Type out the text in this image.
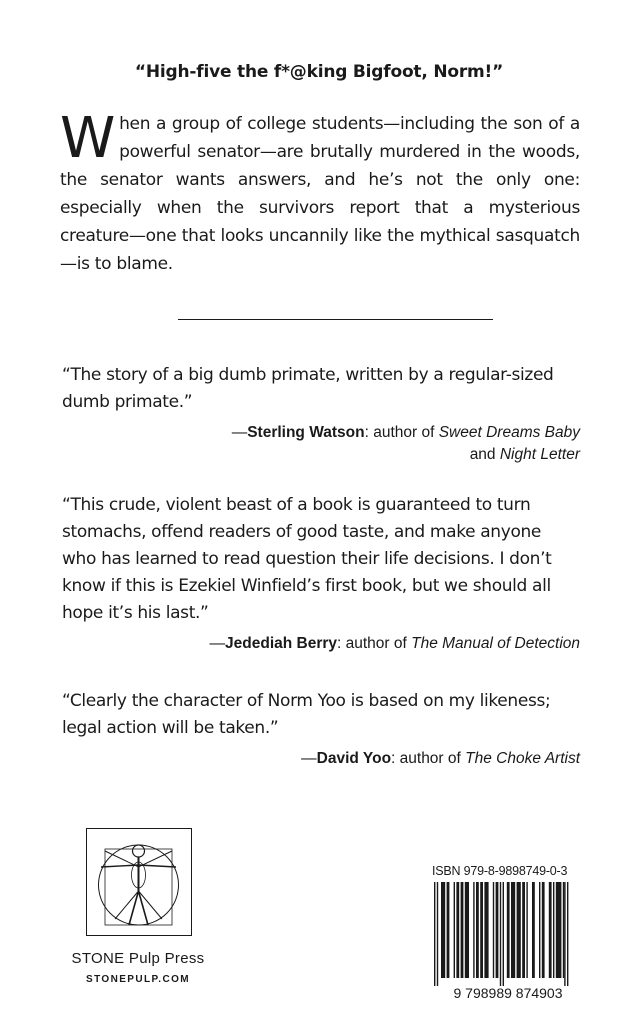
“High-five the f*@king Bigfoot, Norm!”
When a group of college students—including the son of a powerful senator—are brutally murdered in the woods, the senator wants answers, and he’s not the only one: especially when the survivors report that a mysterious creature—one that looks uncannily like the mythical sasquatch—is to blame.
“The story of a big dumb primate, written by a regular-sized dumb primate.”
—Sterling Watson: author of Sweet Dreams Baby
and Night Letter
“This crude, violent beast of a book is guaranteed to turn stomachs, offend readers of good taste, and make anyone who has learned to read question their life decisions. I don’t know if this is Ezekiel Winfield’s first book, but we should all hope it’s his last.”
—Jedediah Berry: author of The Manual of Detection
“Clearly the character of Norm Yoo is based on my likeness; legal action will be taken.”
—David Yoo: author of The Choke Artist
STONE Pulp Press
STONEPULP.COM
ISBN 979-8-9898749-0-3
9 798989 874903
